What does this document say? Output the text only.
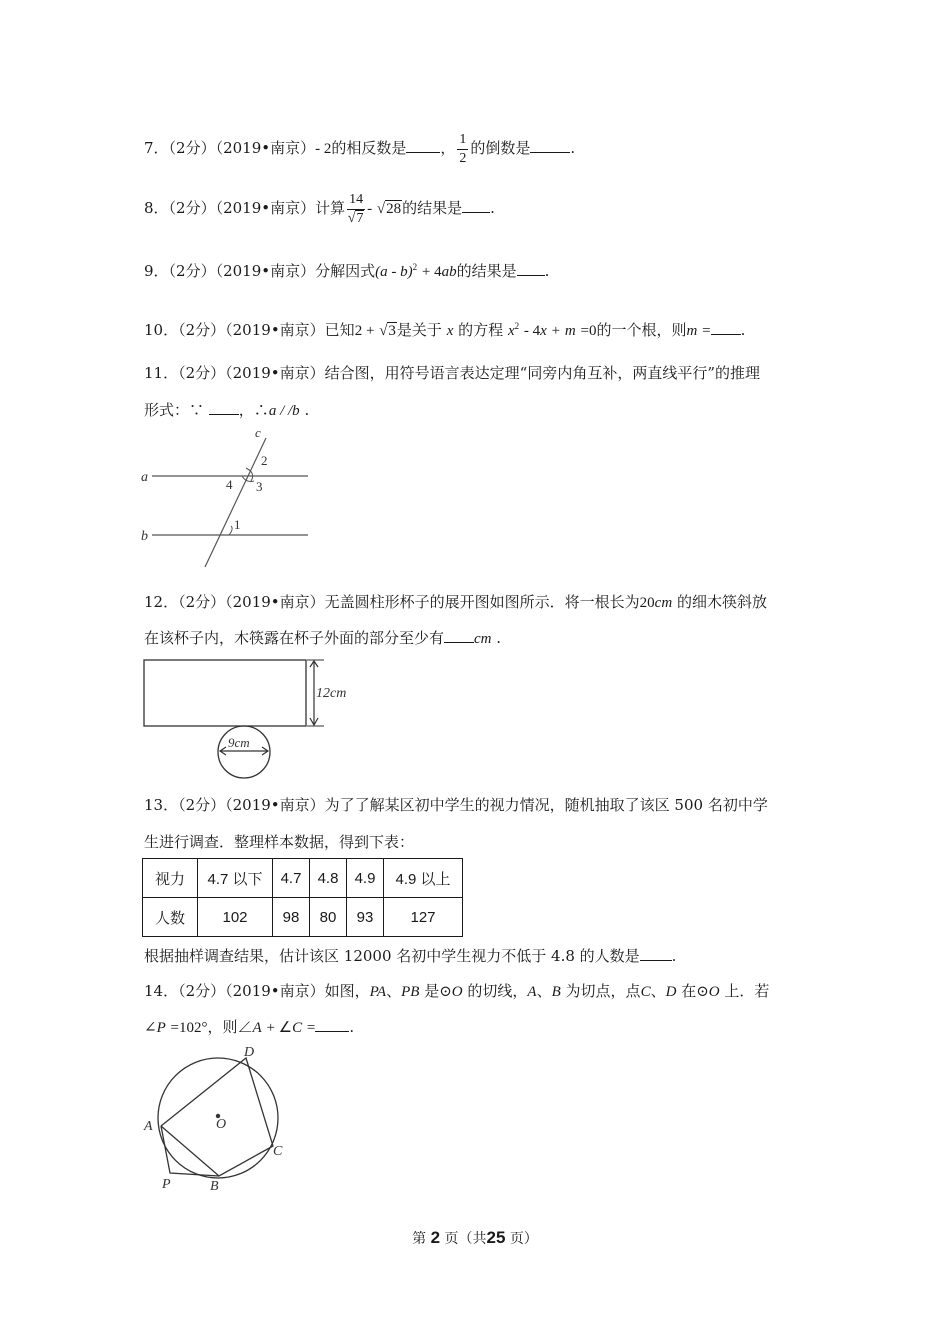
7．（2分）（2019•南京）- 2的相反数是 ， $\frac{1}{2}$ 的倒数是	.
8．（2分）（2019•南京）计算 $\frac{14}{√7} - √28$的结果是 .
9．（2分）（2019•南京）分解因式(a - b)$^2$ + 4ab的结果是 .
10．（2分）（2019•南京）已知2 + √3是关于 x 的方程 $x^2 - 4x + m =0$的一个根，则m = .
11．（2分）（2019•南京）结合图，用符号语言表达定理“同旁内角互补，两直线平行”的推理
形式：∵ ，∴a / /b .
a
b
c
2
3
4
1
12．（2分）（2019•南京）无盖圆柱形杯子的展开图如图所示．将一根长为20cm 的细木筷斜放
在该杯子内，木筷露在杯子外面的部分至少有 cm .
12cm
9cm
13．（2分）（2019•南京）为了了解某区初中学生的视力情况，随机抽取了该区 500 名初中学
生进行调查．整理样本数据，得到下表：
视力	4.7 以下	4.7	4.8	4.9	4.9 以上
人数	102	98	80	93	127
根据抽样调查结果，估计该区 12000 名初中学生视力不低于 4.8 的人数是 .
14．（2分）（2019•南京）如图，PA、PB 是⊙O 的切线，A、B 为切点，点C、D 在⊙O 上．若
∠P =102°，则∠A + ∠C = .
D
A	O
C
P	B
第 2 页（共25 页）
